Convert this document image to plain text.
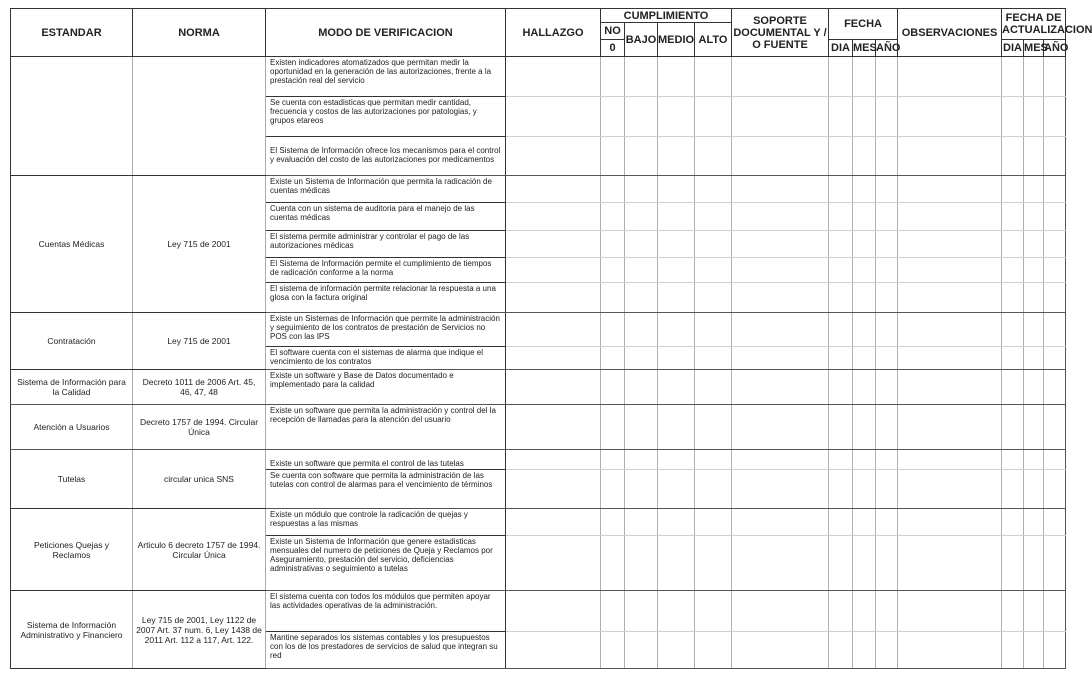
ESTANDAR	NORMA	MODO DE VERIFICACION	HALLAZGO	CUMPLIMIENTO				SOPORTE DOCUMENTAL Y / O FUENTE	FECHA			OBSERVACIONES	FECHA DE ACTUALIZACION		
				NO	BAJO	MEDIO	ALTO								
				0					DIA	MES	AÑO		DIA	MES	AÑO
		Existen indicadores atomatizados que permitan medir la oportunidad en la generación de las autorizaciones, frente a la prestación real del servicio													
		Se cuenta con estadisticas que permitan medir cantidad, frecuencia y costos de las autorizaciones por patologias, y grupos etareos													
		El Sistema de Información ofrece los mecanismos para el control y evaluación del costo de las autorizaciones por medicamentos													
Cuentas Médicas	Ley 715 de 2001	Existe un Sistema de Información que permita la radicación de cuentas médicas													
		Cuenta con un sistema de auditoria para el manejo de las cuentas médicas													
		El sistema permite administrar y controlar el pago de las autorizaciones médicas													
		El Sistema de Información permite el cumplimiento de tiempos de radicación conforme a la norma													
		El sistema de información permite relacionar la respuesta a una glosa con la factura original													
Contratación	Ley 715 de 2001	Existe un Sistemas de Información que permite la administración y seguimiento de los contratos de prestación de Servicios no POS con las IPS													
		El software cuenta con el sistemas de alarma que indique el vencimiento de los contratos													
Sistema de Información para la Calidad	Decreto 1011 de 2006 Art. 45, 46, 47, 48	Existe un software y Base de Datos documentado e implementado para la calidad													
Atención a Usuarios	Decreto 1757 de 1994. Circular Única	Existe un software que permita la administración y control del la recepción de llamadas para la atención del usuario													
Tutelas	circular unica SNS	Existe un software que permita el control de las tutelas													
		Se cuenta con software que permita la administración de las tutelas con control de alarmas para el vencimiento de términos													
Peticiones Quejas y Reclamos	Articulo 6 decreto 1757 de 1994. Circular Única	Existe un módulo que controle la radicación de quejas y respuestas a las mismas													
		Existe un Sistema de Información que genere estadisticas mensuales del numero de peticiones de Queja y Reclamos por Aseguramiento, prestación del servicio, deficiencias administrativas o seguimiento a tutelas													
Sistema de Información Administrativo y Financiero	Ley 715 de 2001, Ley 1122 de 2007 Art. 37 num. 6, Ley 1438 de 2011 Art. 112 a 117, Art. 122.	El sistema cuenta con todos los módulos que permiten apoyar las actividades operativas de la administración.													
		Mantine separados los sistemas contables y los presupuestos con los de los prestadores de servicios de salud que integran su red													
